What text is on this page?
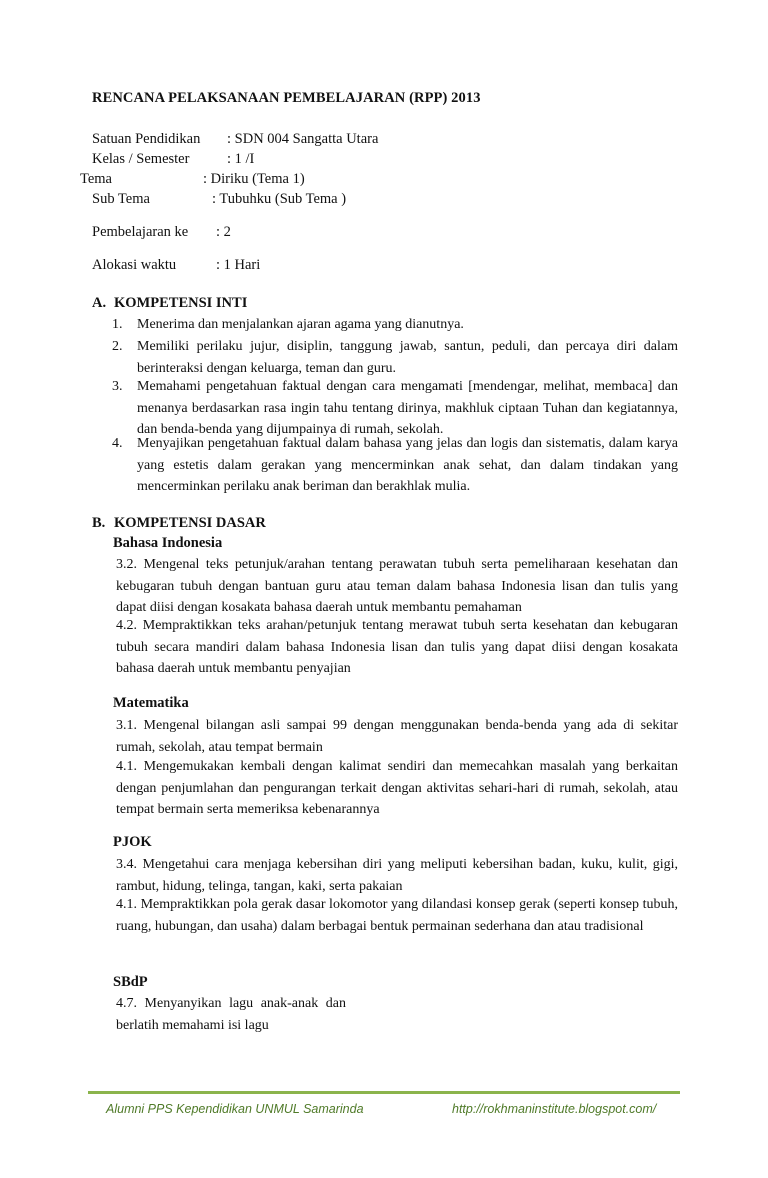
RENCANA PELAKSANAAN PEMBELAJARAN (RPP) 2013
Satuan Pendidikan : SDN 004 Sangatta Utara
Kelas / Semester	: 1 /I
Tema	: Diriku (Tema 1)
Sub Tema	: Tubuhku (Sub Tema )
Pembelajaran ke : 2
Alokasi waktu	: 1 Hari
A. KOMPETENSI INTI
1. Menerima dan menjalankan ajaran agama yang dianutnya.
2. Memiliki perilaku jujur, disiplin, tanggung jawab, santun, peduli, dan percaya diri dalam berinteraksi dengan keluarga, teman dan guru.
3. Memahami pengetahuan faktual dengan cara mengamati [mendengar, melihat, membaca] dan menanya berdasarkan rasa ingin tahu tentang dirinya, makhluk ciptaan Tuhan dan kegiatannya, dan benda-benda yang dijumpainya di rumah, sekolah.
4. Menyajikan pengetahuan faktual dalam bahasa yang jelas dan logis dan sistematis, dalam karya yang estetis dalam gerakan yang mencerminkan anak sehat, dan dalam tindakan yang mencerminkan perilaku anak beriman dan berakhlak mulia.
B. KOMPETENSI DASAR
Bahasa Indonesia
3.2. Mengenal teks petunjuk/arahan tentang perawatan tubuh serta pemeliharaan kesehatan dan kebugaran tubuh dengan bantuan guru atau teman dalam bahasa Indonesia lisan dan tulis yang dapat diisi dengan kosakata bahasa daerah untuk membantu pemahaman
4.2. Mempraktikkan teks arahan/petunjuk tentang merawat tubuh serta kesehatan dan kebugaran tubuh secara mandiri dalam bahasa Indonesia lisan dan tulis yang dapat diisi dengan kosakata bahasa daerah untuk membantu penyajian
Matematika
3.1. Mengenal bilangan asli sampai 99 dengan menggunakan benda-benda yang ada di sekitar rumah, sekolah, atau tempat bermain
4.1. Mengemukakan kembali dengan kalimat sendiri dan memecahkan masalah yang berkaitan dengan penjumlahan dan pengurangan terkait dengan aktivitas sehari-hari di rumah, sekolah, atau tempat bermain serta memeriksa kebenarannya
PJOK
3.4. Mengetahui cara menjaga kebersihan diri yang meliputi kebersihan badan, kuku, kulit, gigi, rambut, hidung, telinga, tangan, kaki, serta pakaian
4.1. Mempraktikkan pola gerak dasar lokomotor yang dilandasi konsep gerak (seperti konsep tubuh, ruang, hubungan, dan usaha) dalam berbagai bentuk permainan sederhana dan atau tradisional
SBdP
4.7. Menyanyikan lagu anak-anak dan berlatih memahami isi lagu
Alumni PPS Kependidikan UNMUL Samarinda	http://rokhmaninstitute.blogspot.com/
